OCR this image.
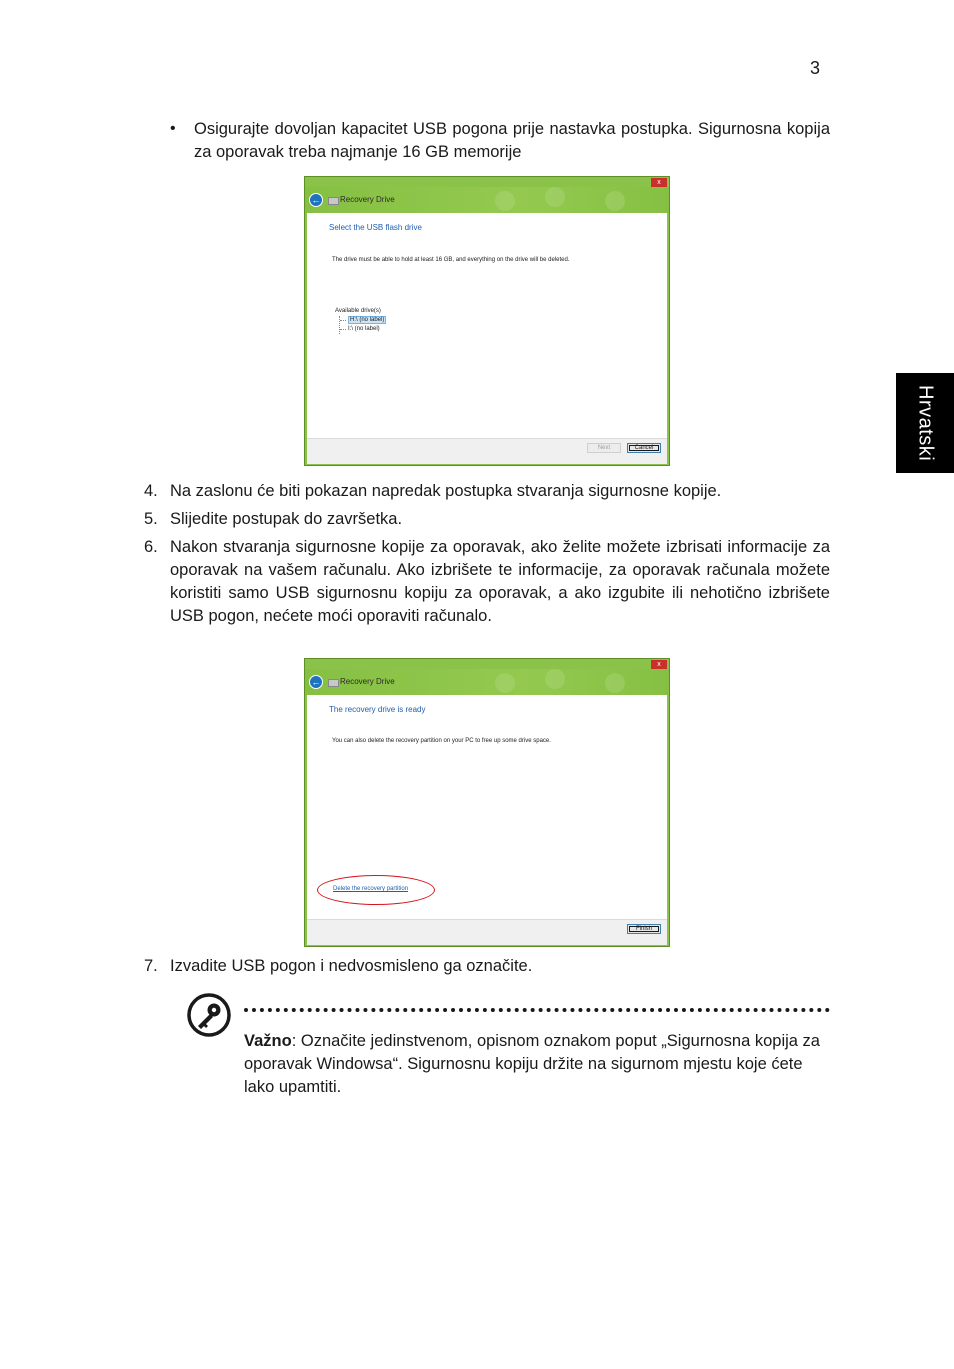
3
Hrvatski
• Osigurajte dovoljan kapacitet USB pogona prije nastavka postupka. Sigurnosna kopija za oporavak treba najmanje 16 GB memorije
x
←	Recovery Drive
Select the USB flash drive
The drive must be able to hold at least 16 GB, and everything on the drive will be deleted.
Available drive(s)
H:\ (no label)
I:\ (no label)
Next	Cancel
4. Na zaslonu će biti pokazan napredak postupka stvaranja sigurnosne kopije.
5. Slijedite postupak do završetka.
6. Nakon stvaranja sigurnosne kopije za oporavak, ako želite možete izbrisati informacije za oporavak na vašem računalu. Ako izbrišete te informacije, za oporavak računala možete koristiti samo USB sigurnosnu kopiju za oporavak, a ako izgubite ili nehotično izbrišete USB pogon, nećete moći oporaviti računalo.
x
←	Recovery Drive
The recovery drive is ready
You can also delete the recovery partition on your PC to free up some drive space.
Delete the recovery partition
Finish
7. Izvadite USB pogon i nedvosmisleno ga označite.
Važno: Označite jedinstvenom, opisnom oznakom poput „Sigurnosna kopija za oporavak Windowsa“. Sigurnosnu kopiju držite na sigurnom mjestu koje ćete lako upamtiti.
